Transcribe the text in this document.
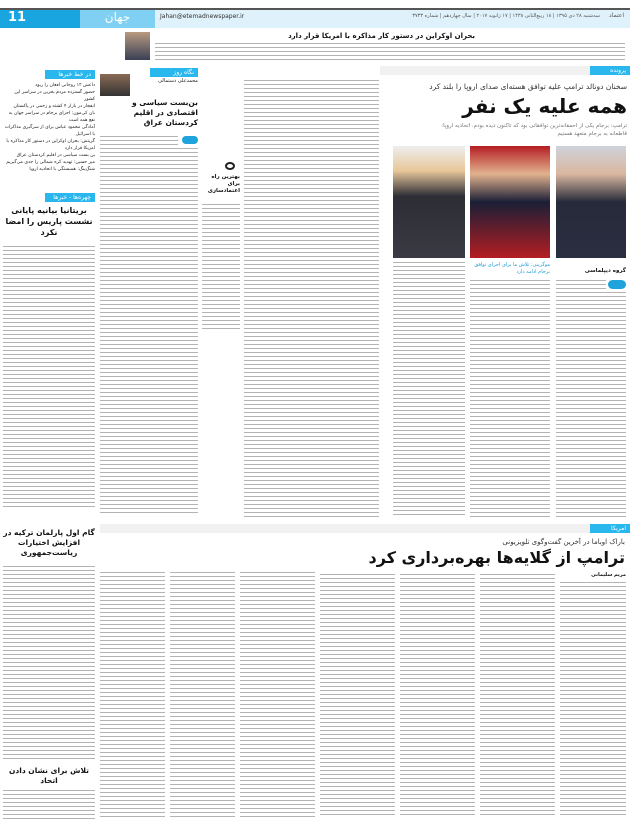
11	جهان	Jahan@etemadnewspaper.ir	سه‌شنبه ۲۸ دی ۱۳۹۵ | ۱۸ ربیع‌الثانی ۱۴۳۸ | ۱۷ ژانویه ۲۰۱۷ | سال چهاردهم | شماره ۳۷۳۳ اعتماد
بحران اوکراین در دستور کار مذاکره با امریکا قرار دارد
در خط خبرها
داعش ۱۲ روحانی افغان را ربود
حضور گسترده مردم بحرین در سراسر این کشور
انفجار در بازار ۴ کشته و زخمی در پاکستان
بان کی‌مون: اجرای برجام در سراسر جهان به نفع همه است
آمادگی محمود عباس برای از سرگیری مذاکرات با اسرائیل
گزینش: بحران اوکراین در دستور کار مذاکره با امریکا قرار دارد
بن بست سیاسی در اقلیم کردستان عراق
میر حسین: تهدید کره شمالی را جدی می‌گیریم
شنگ‌پنگ: همبستگی با اتحادیه اروپا
چهره‌ها - خبرها
بریتانیا بیانیه پایانی نشست پاریس را امضا نکرد
گام اول پارلمان ترکیه در افزایش اختیارات ریاست‌جمهوری
تلاش برای نشان دادن اتحاد
نگاه روز
محمدعلی دستمالی
بن‌بست سیاسی و اقتصادی در اقلیم کردستان عراق
بهترین راه برای اعتمادسازی
پرونده
سخنان دونالد ترامپ علیه توافق هسته‌ای صدای اروپا را بلند کرد
همه علیه یک نفر
ترامپ: برجام یکی از احمقانه‌ترین توافقاتی بود که تاکنون دیده بودم. اتحادیه اروپا: قاطعانه به برجام متعهد هستیم
موگرینی: تلاش ما برای اجرای توافق برجام ادامه دارد	گروه دیپلماسی
امریکا
باراک اوباما در آخرین گفت‌وگوی تلویزیونی
ترامپ از گلایه‌ها بهره‌برداری کرد
مریم سلیمانی
